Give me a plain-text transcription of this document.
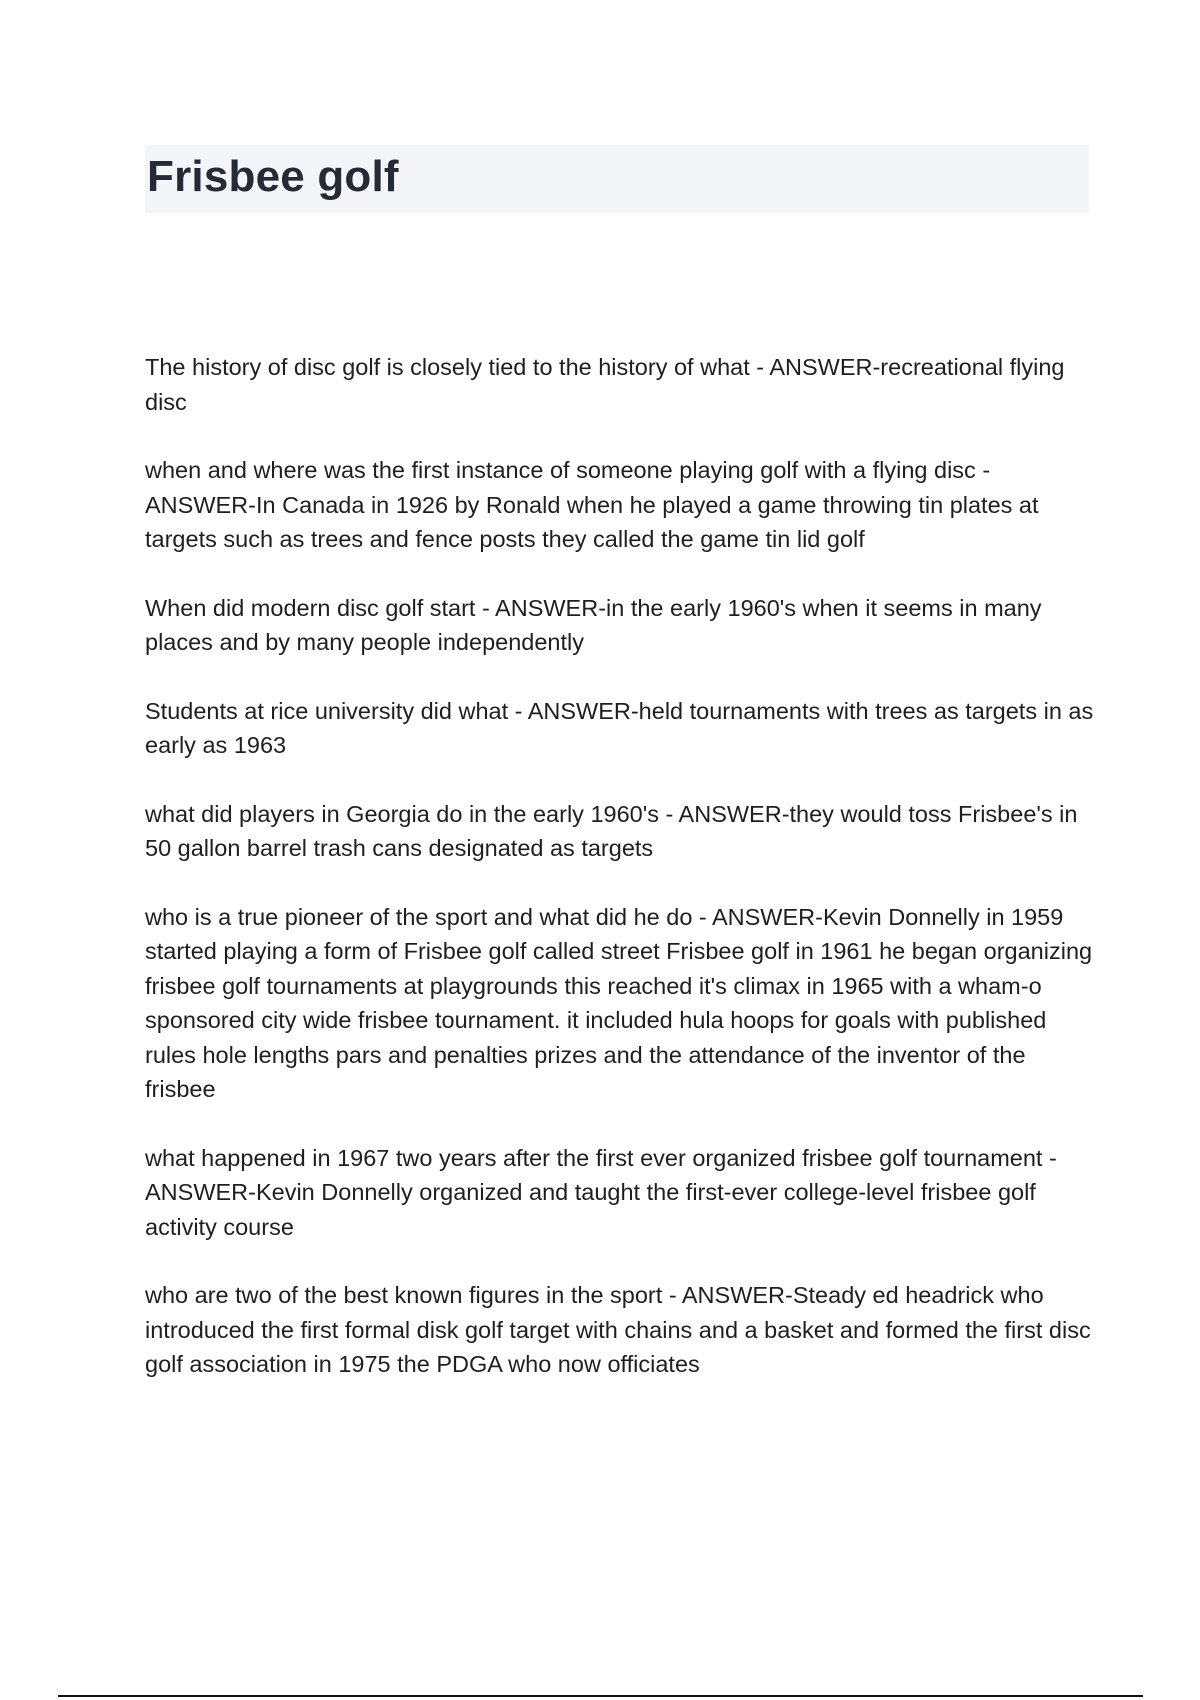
Frisbee golf

The history of disc golf is closely tied to the history of what - ANSWER-recreational flying disc

when and where was the first instance of someone playing golf with a flying disc - ANSWER-In Canada in 1926 by Ronald when he played a game throwing tin plates at targets such as trees and fence posts they called the game tin lid golf

When did modern disc golf start - ANSWER-in the early 1960's when it seems in many places and by many people independently

Students at rice university did what - ANSWER-held tournaments with trees as targets in as early as 1963

what did players in Georgia do in the early 1960's - ANSWER-they would toss Frisbee's in 50 gallon barrel trash cans designated as targets

who is a true pioneer of the sport and what did he do - ANSWER-Kevin Donnelly in 1959 started playing a form of Frisbee golf called street Frisbee golf in 1961 he began organizing frisbee golf tournaments at playgrounds this reached it's climax in 1965 with a wham-o sponsored city wide frisbee tournament. it included hula hoops for goals with published rules hole lengths pars and penalties prizes and the attendance of the inventor of the frisbee

what happened in 1967 two years after the first ever organized frisbee golf tournament - ANSWER-Kevin Donnelly organized and taught the first-ever college-level frisbee golf activity course

who are two of the best known figures in the sport - ANSWER-Steady ed headrick who introduced the first formal disk golf target with chains and a basket and formed the first disc golf association in 1975 the PDGA who now officiates
